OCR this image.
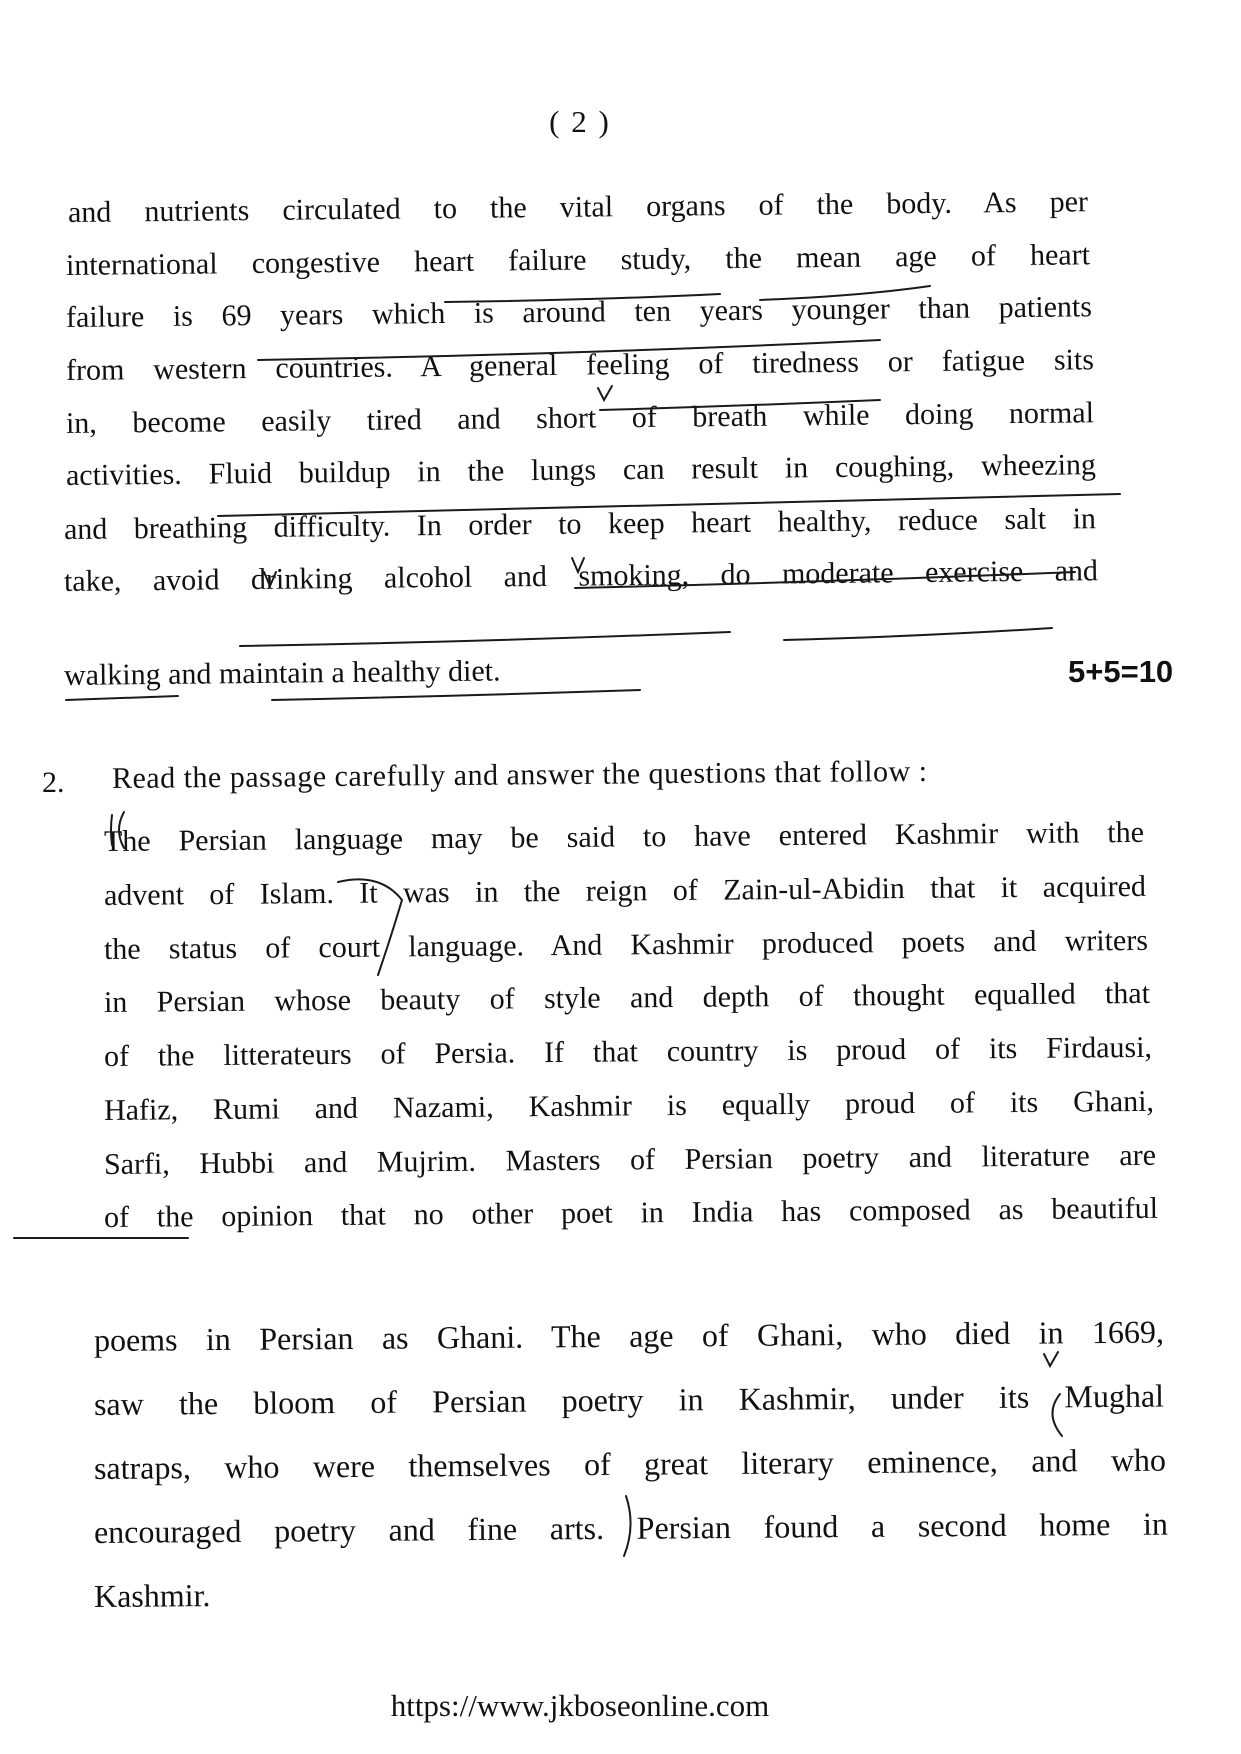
( 2 )
and nutrients circulated to the vital organs of the body. As per
international congestive heart failure study, the mean age of heart
failure is 69 years which is around ten years younger than patients
from western countries. A general feeling of tiredness or fatigue sits
in, become easily tired and short of breath while doing normal
activities. Fluid buildup in the lungs can result in coughing, wheezing
and breathing difficulty. In order to keep heart healthy, reduce salt in
take, avoid drinking alcohol and smoking, do moderate exercise and
walking and maintain a healthy diet.	5+5=10
2. Read the passage carefully and answer the questions that follow :
The Persian language may be said to have entered Kashmir with the
advent of Islam. It was in the reign of Zain-ul-Abidin that it acquired
the status of court language. And Kashmir produced poets and writers
in Persian whose beauty of style and depth of thought equalled that
of the litterateurs of Persia. If that country is proud of its Firdausi,
Hafiz, Rumi and Nazami, Kashmir is equally proud of its Ghani,
Sarfi, Hubbi and Mujrim. Masters of Persian poetry and literature are
of the opinion that no other poet in India has composed as beautiful
poems in Persian as Ghani. The age of Ghani, who died in 1669,
saw the bloom of Persian poetry in Kashmir, under its Mughal
satraps, who were themselves of great literary eminence, and who
encouraged poetry and fine arts. Persian found a second home in
Kashmir.
https://www.jkboseonline.com
